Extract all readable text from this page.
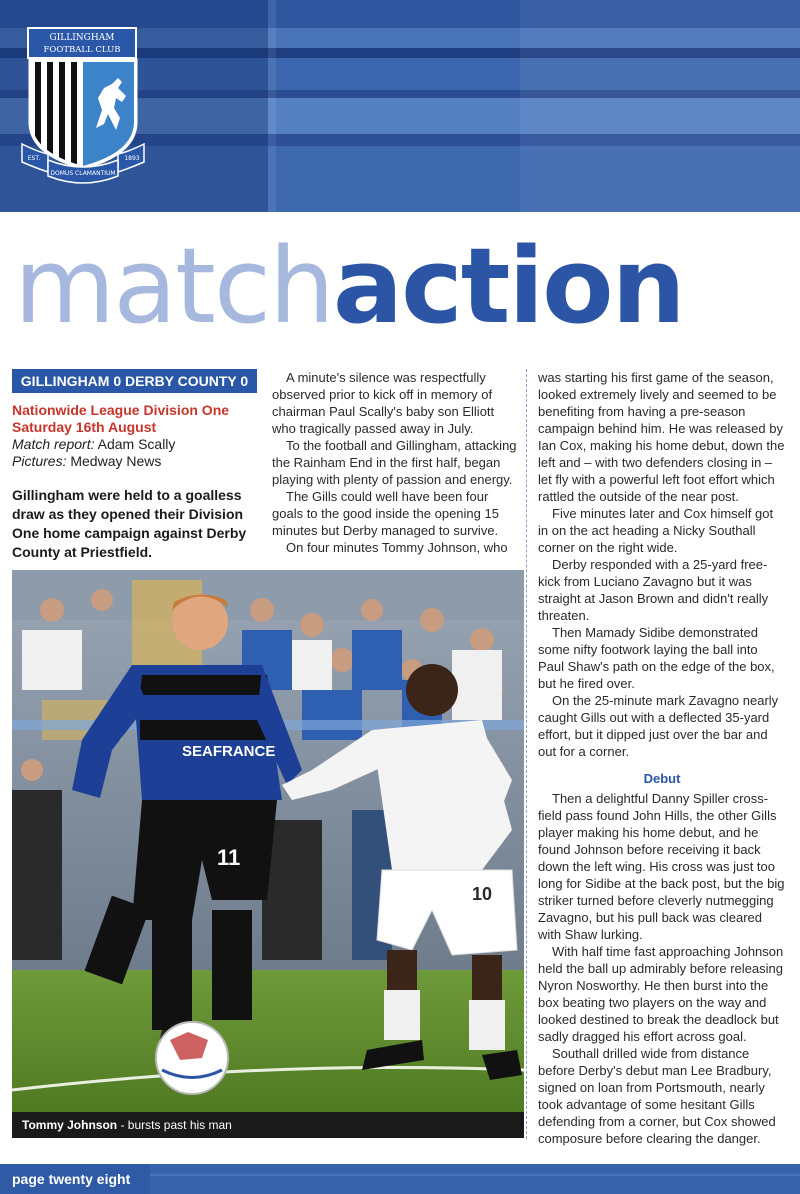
GILLINGHAM
FOOTBALL CLUB
EST.	1893
DOMUS CLAMANTIUM
matchaction
GILLINGHAM 0 DERBY COUNTY 0
Nationwide League Division One
Saturday 16th August
Match report: Adam Scally
Pictures: Medway News
Gillingham were held to a goalless draw as they opened their Division One home campaign against Derby County at Priestfield.

A minute's silence was respectfully observed prior to kick off in memory of chairman Paul Scally's baby son Elliott who tragically passed away in July.

To the football and Gillingham, attacking the Rainham End in the first half, began playing with plenty of passion and energy.

The Gills could well have been four goals to the good inside the opening 15 minutes but Derby managed to survive.

On four minutes Tommy Johnson, who

was starting his first game of the season, looked extremely lively and seemed to be benefiting from having a pre-season campaign behind him. He was released by Ian Cox, making his home debut, down the left and – with two defenders closing in – let fly with a powerful left foot effort which rattled the outside of the near post.

Five minutes later and Cox himself got in on the act heading a Nicky Southall corner on the right wide.

Derby responded with a 25-yard free-kick from Luciano Zavagno but it was straight at Jason Brown and didn't really threaten.

Then Mamady Sidibe demonstrated some nifty footwork laying the ball into Paul Shaw's path on the edge of the box, but he fired over.

On the 25-minute mark Zavagno nearly caught Gills out with a deflected 35-yard effort, but it dipped just over the bar and out for a corner.

Debut

Then a delightful Danny Spiller cross-field pass found John Hills, the other Gills player making his home debut, and he found Johnson before receiving it back down the left wing. His cross was just too long for Sidibe at the back post, but the big striker turned before cleverly nutmegging Zavagno, but his pull back was cleared with Shaw lurking.

With half time fast approaching Johnson held the ball up admirably before releasing Nyron Nosworthy. He then burst into the box beating two players on the way and looked destined to break the deadlock but sadly dragged his effort across goal.

Southall drilled wide from distance before Derby's debut man Lee Bradbury, signed on loan from Portsmouth, nearly took advantage of some hesitant Gills defending from a corner, but Cox showed composure before clearing the danger.

SEAFRANCE
11
10
Tommy Johnson - bursts past his man
page twenty eight
